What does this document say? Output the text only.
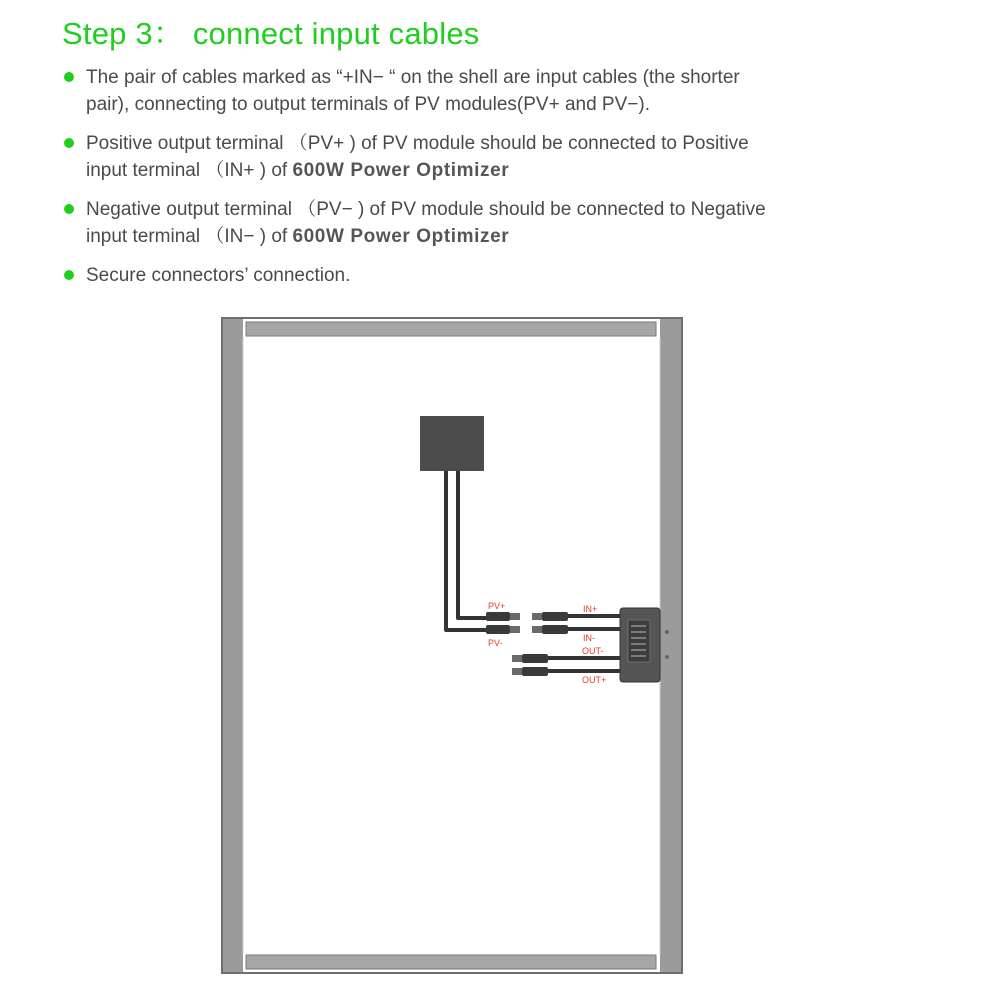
Step 3： connect input cables
The pair of cables marked as “+IN− “ on the shell are input cables (the shorter
pair), connecting to output terminals of PV modules(PV+ and PV−).
Positive output terminal （PV+ ) of PV module should be connected to Positive
input terminal （IN+ ) of 600W Power Optimizer
Negative output terminal （PV− ) of PV module should be connected to Negative
input terminal （IN− ) of 600W Power Optimizer
Secure connectors’ connection.
PV+
PV-
IN+
IN-
OUT-
OUT+
